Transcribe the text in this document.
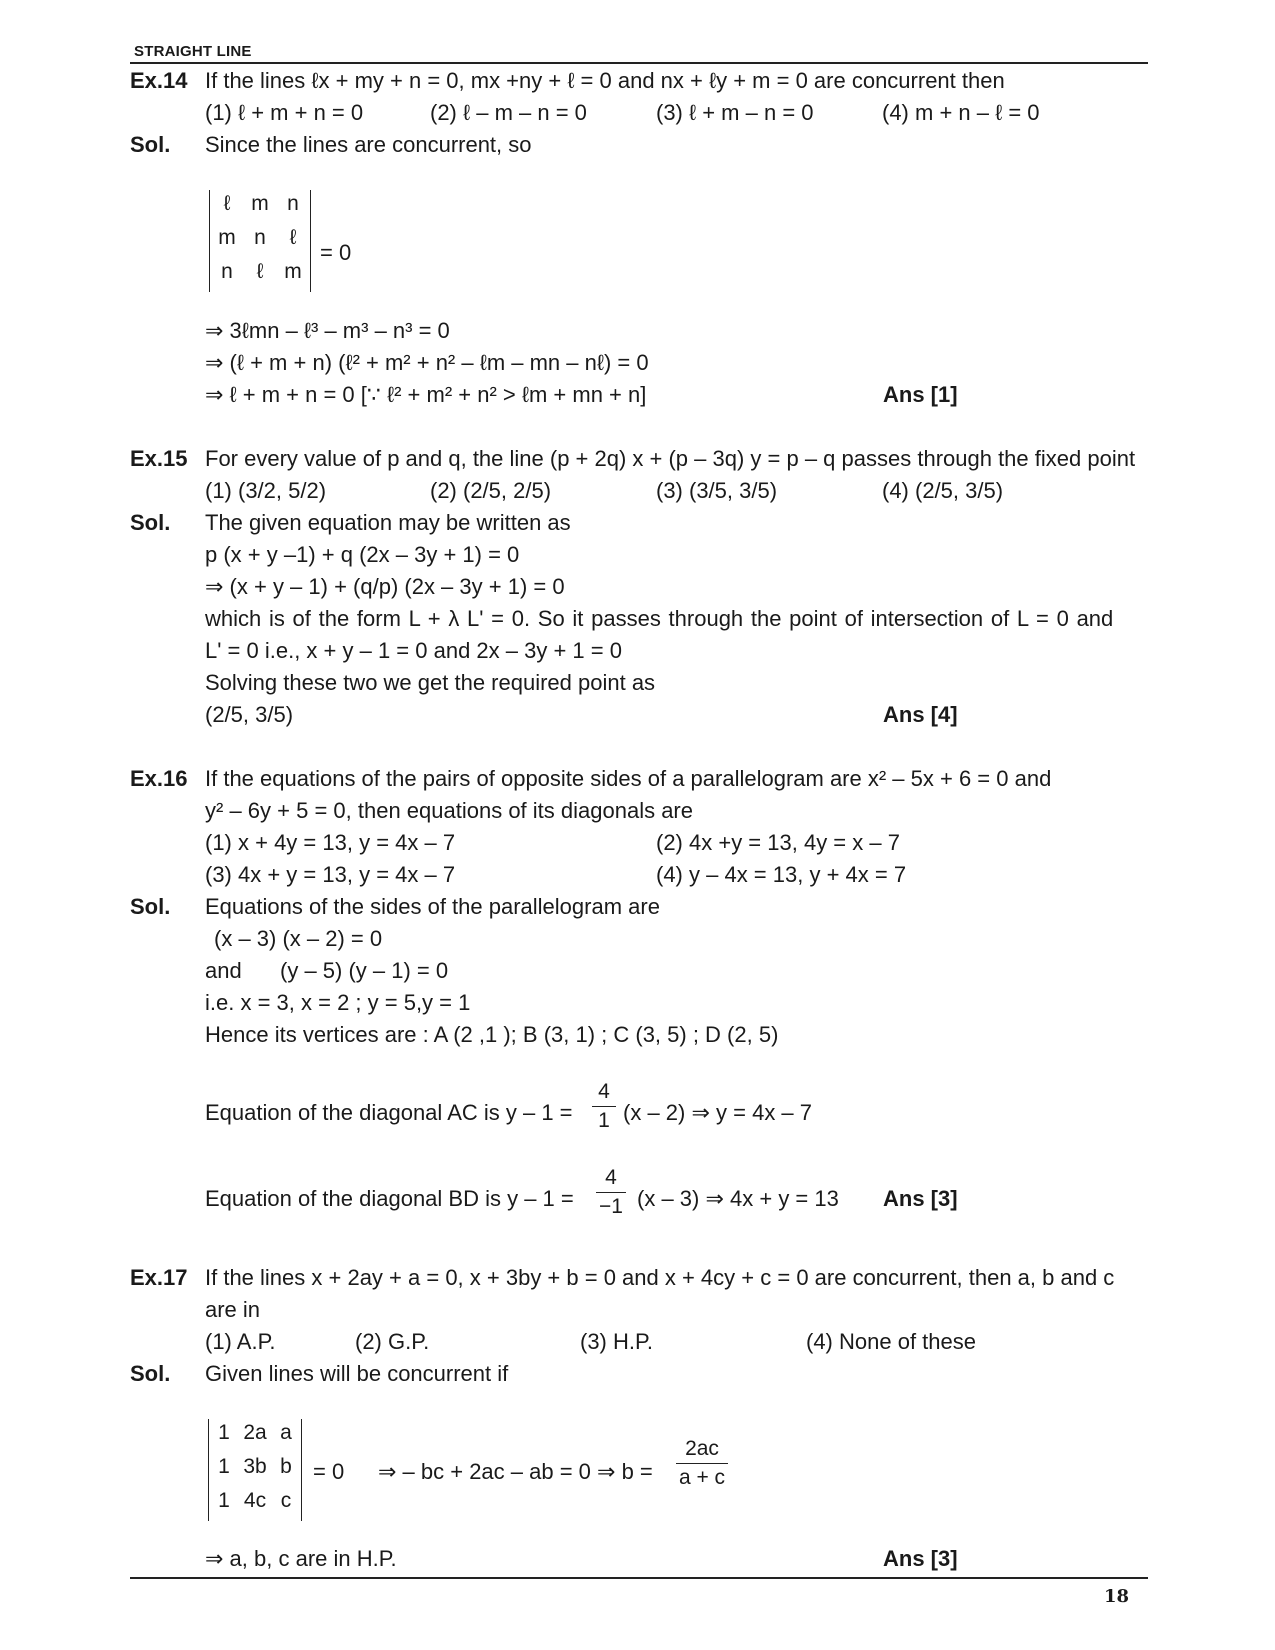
STRAIGHT LINE
Ex.14 If the lines ℓx + my + n = 0, mx +ny + ℓ = 0 and nx + ℓy + m = 0 are concurrent then
(1) ℓ + m + n = 0	(2) ℓ – m – n = 0	(3) ℓ + m – n = 0	(4) m + n – ℓ = 0
Sol. Since the lines are concurrent, so
ℓ m n
m n	ℓ
n	ℓ m
= 0
⇒ 3ℓmn – ℓ³ – m³ – n³ = 0
⇒ (ℓ + m + n) (ℓ² + m² + n² – ℓm – mn – nℓ) = 0
⇒ ℓ + m + n = 0 [∵ ℓ² + m² + n² > ℓm + mn + n]	Ans [1]
Ex.15 For every value of p and q, the line (p + 2q) x + (p – 3q) y = p – q passes through the fixed point
(1) (3/2, 5/2)	(2) (2/5, 2/5)	(3) (3/5, 3/5)	(4) (2/5, 3/5)
Sol. The given equation may be written as
p (x + y –1) + q (2x – 3y + 1) = 0
⇒ (x + y – 1) + (q/p) (2x – 3y + 1) = 0
which is of the form L + λ L' = 0. So it passes through the point of intersection of L = 0 and
L' = 0 i.e., x + y – 1 = 0 and 2x – 3y + 1 = 0
Solving these two we get the required point as
(2/5, 3/5)	Ans [4]
Ex.16 If the equations of the pairs of opposite sides of a parallelogram are x² – 5x + 6 = 0 and
y² – 6y + 5 = 0, then equations of its diagonals are
(1) x + 4y = 13, y = 4x – 7	(2) 4x +y = 13, 4y = x – 7
(3) 4x + y = 13, y = 4x – 7	(4) y – 4x = 13, y + 4x = 7
Sol. Equations of the sides of the parallelogram are
(x – 3) (x – 2) = 0
and (y – 5) (y – 1) = 0
i.e. x = 3, x = 2 ; y = 5,y = 1
Hence its vertices are : A (2 ,1 ); B (3, 1) ; C (3, 5) ; D (2, 5)
Equation of the diagonal AC is y – 1 =
4
1 (x – 2) ⇒ y = 4x – 7
Equation of the diagonal BD is y – 1 =
4
−1 (x – 3) ⇒ 4x + y = 13 Ans [3]
Ex.17 If the lines x + 2ay + a = 0, x + 3by + b = 0 and x + 4cy + c = 0 are concurrent, then a, b and c
are in
(1) A.P.	(2) G.P.	(3) H.P.	(4) None of these
Sol. Given lines will be concurrent if
1 2a a
1 3b b
1 4c c
= 0 ⇒ – bc + 2ac – ab = 0 ⇒ b =
2ac
a + c
⇒ a, b, c are in H.P.	Ans [3]
18
